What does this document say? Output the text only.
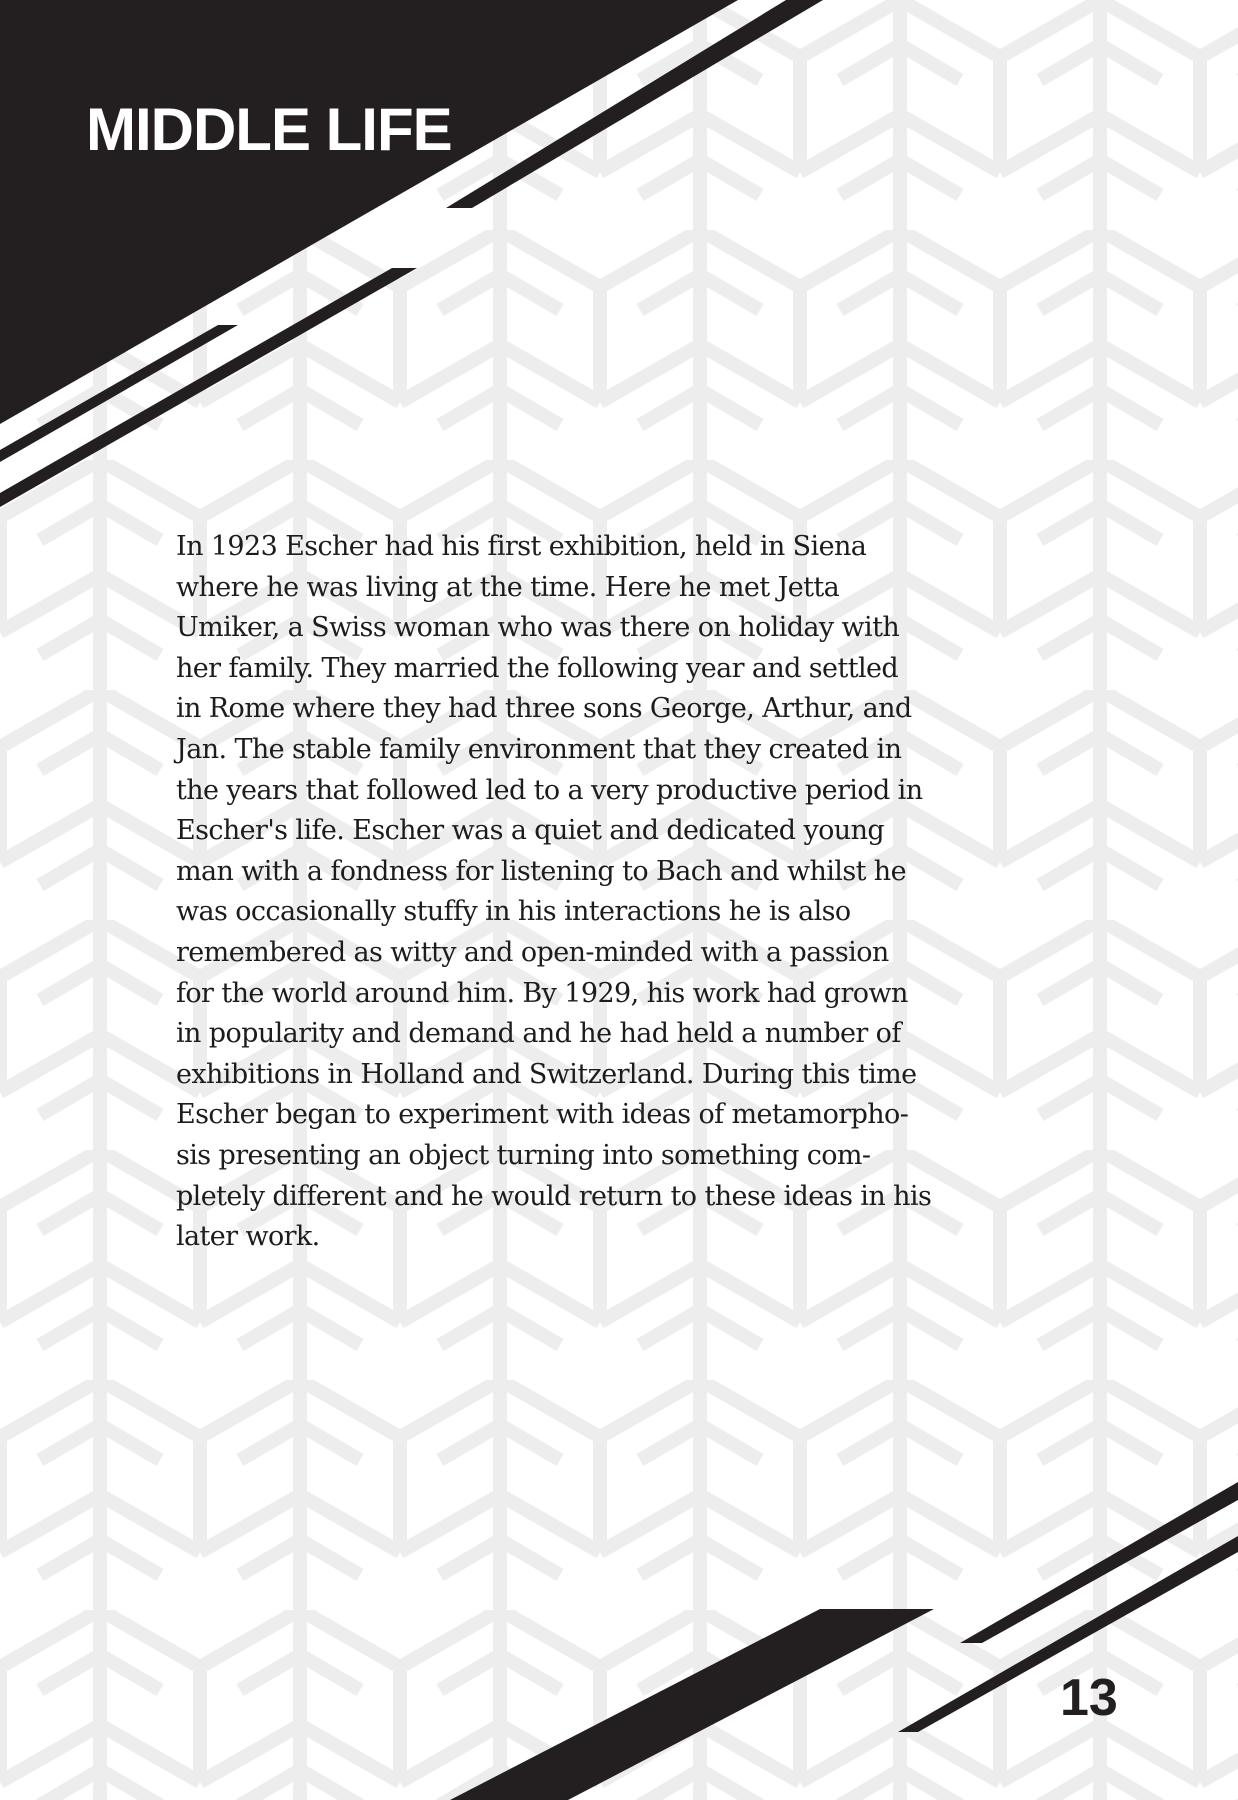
MIDDLE LIFE
In 1923 Escher had his first exhibition, held in Siena
where he was living at the time. Here he met Jetta
Umiker, a Swiss woman who was there on holiday with
her family. They married the following year and settled
in Rome where they had three sons George, Arthur, and
Jan. The stable family environment that they created in
the years that followed led to a very productive period in
Escher's life. Escher was a quiet and dedicated young
man with a fondness for listening to Bach and whilst he
was occasionally stuffy in his interactions he is also
remembered as witty and open-minded with a passion
for the world around him. By 1929, his work had grown
in popularity and demand and he had held a number of
exhibitions in Holland and Switzerland. During this time
Escher began to experiment with ideas of metamorpho-
sis presenting an object turning into something com-
pletely different and he would return to these ideas in his
later work.
13
